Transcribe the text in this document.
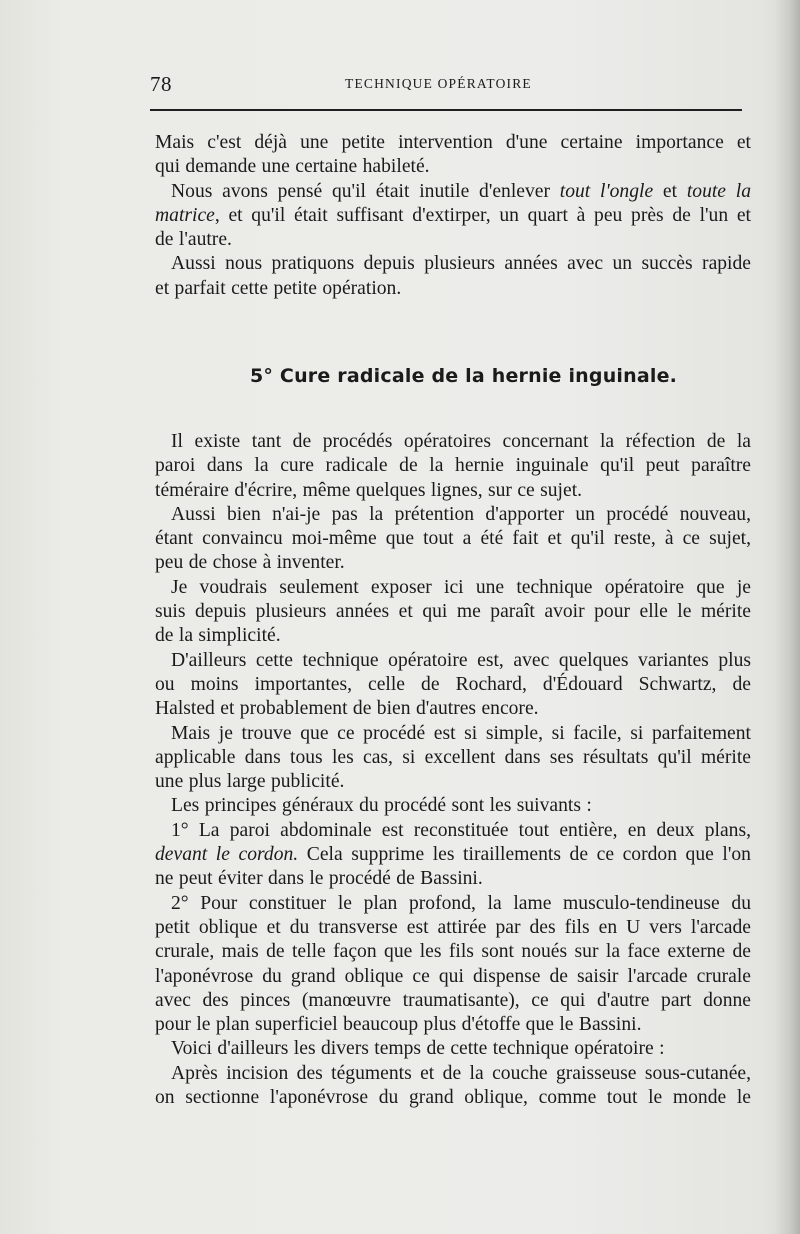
78	TECHNIQUE OPÉRATOIRE
Mais c'est déjà une petite intervention d'une certaine importance et
qui demande une certaine habileté.
Nous avons pensé qu'il était inutile d'enlever tout l'ongle et toute la
matrice, et qu'il était suffisant d'extirper, un quart à peu près de l'un et
de l'autre.
Aussi nous pratiquons depuis plusieurs années avec un succès rapide
et parfait cette petite opération.
5° Cure radicale de la hernie inguinale.
Il existe tant de procédés opératoires concernant la réfection de la
paroi dans la cure radicale de la hernie inguinale qu'il peut paraître
téméraire d'écrire, même quelques lignes, sur ce sujet.
Aussi bien n'ai-je pas la prétention d'apporter un procédé nouveau,
étant convaincu moi-même que tout a été fait et qu'il reste, à ce sujet,
peu de chose à inventer.
Je voudrais seulement exposer ici une technique opératoire que je
suis depuis plusieurs années et qui me paraît avoir pour elle le mérite
de la simplicité.
D'ailleurs cette technique opératoire est, avec quelques variantes plus
ou moins importantes, celle de Rochard, d'Édouard Schwartz, de
Halsted et probablement de bien d'autres encore.
Mais je trouve que ce procédé est si simple, si facile, si parfaitement
applicable dans tous les cas, si excellent dans ses résultats qu'il mérite
une plus large publicité.
Les principes généraux du procédé sont les suivants :
1° La paroi abdominale est reconstituée tout entière, en deux plans,
devant le cordon. Cela supprime les tiraillements de ce cordon que l'on
ne peut éviter dans le procédé de Bassini.
2° Pour constituer le plan profond, la lame musculo-tendineuse du
petit oblique et du transverse est attirée par des fils en U vers l'arcade
crurale, mais de telle façon que les fils sont noués sur la face externe de
l'aponévrose du grand oblique ce qui dispense de saisir l'arcade crurale
avec des pinces (manœuvre traumatisante), ce qui d'autre part donne
pour le plan superficiel beaucoup plus d'étoffe que le Bassini.
Voici d'ailleurs les divers temps de cette technique opératoire :
Après incision des téguments et de la couche graisseuse sous-cutanée,
on sectionne l'aponévrose du grand oblique, comme tout le monde le
